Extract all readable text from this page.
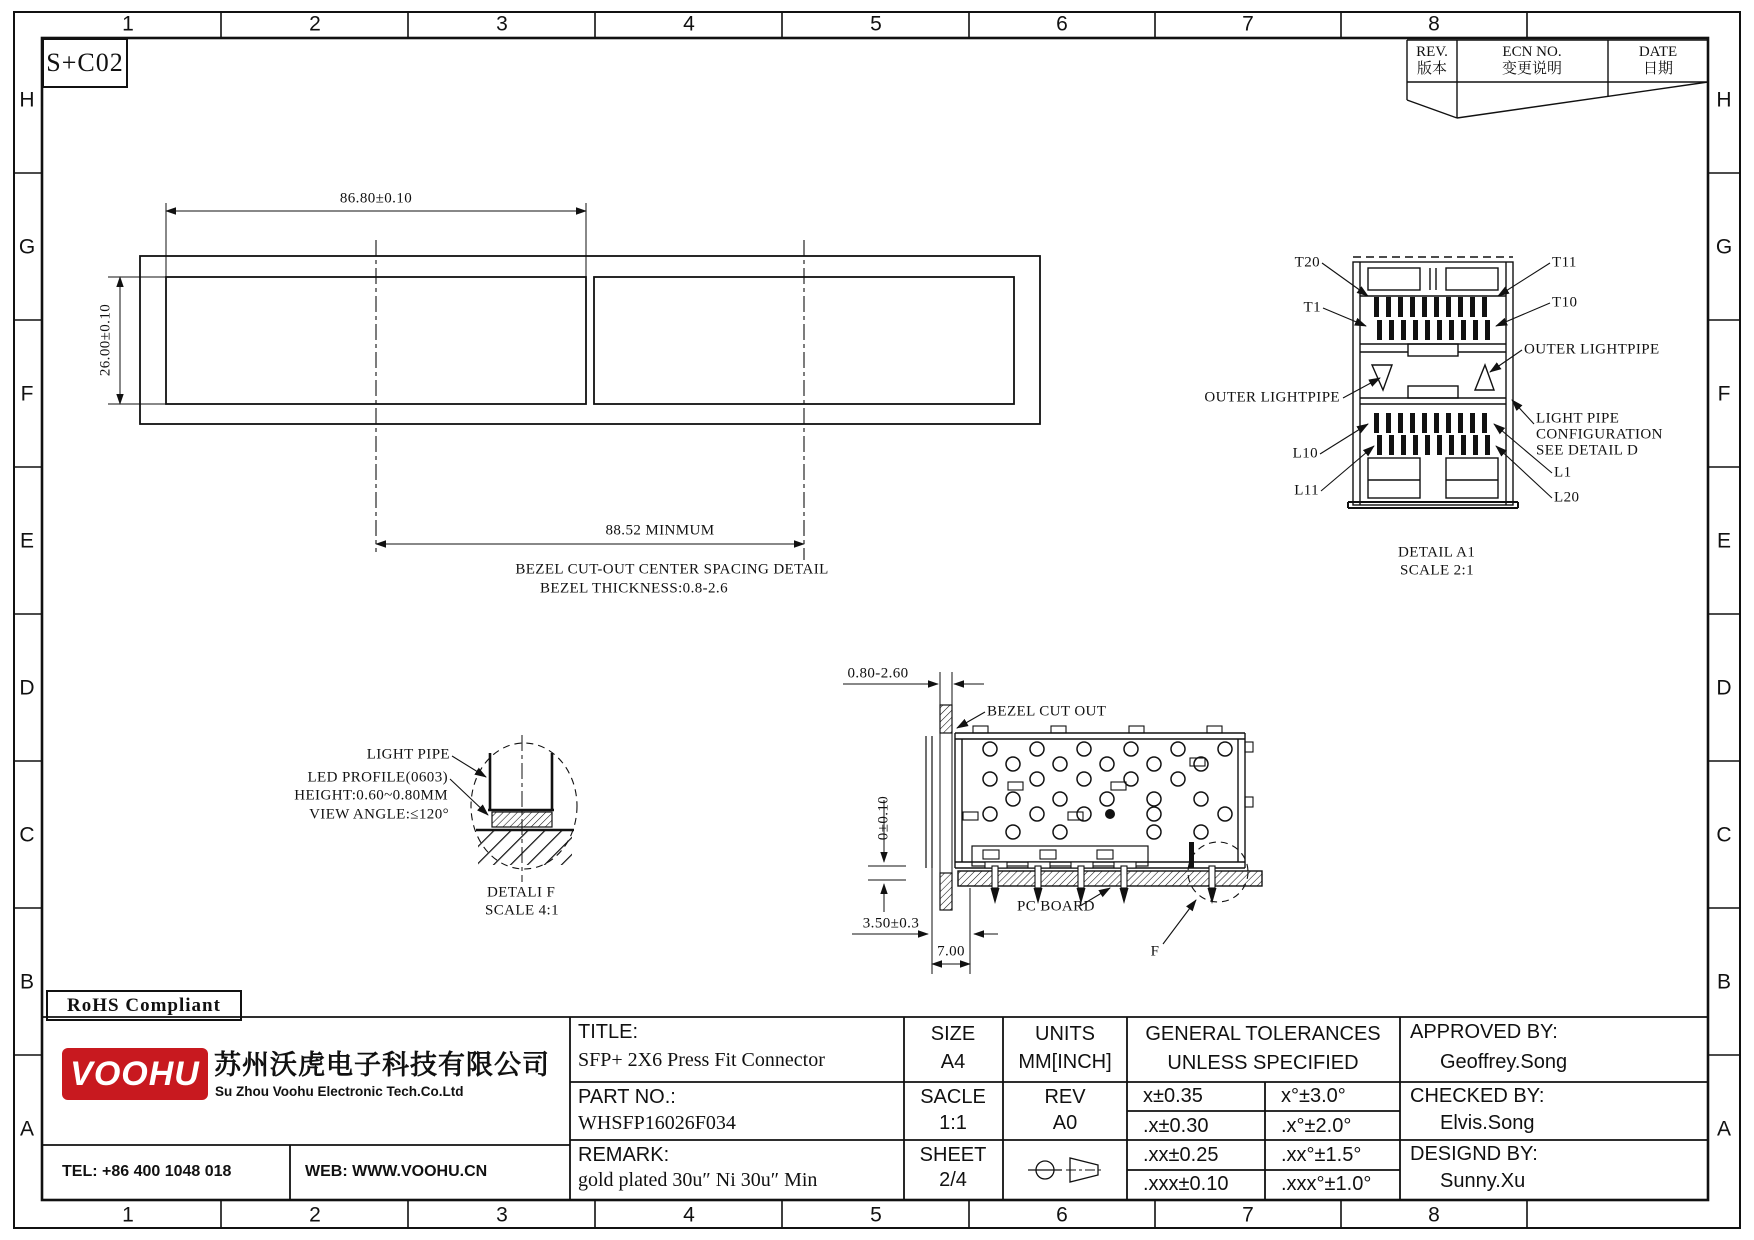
S+C02
1	2	3	4	5	6	7	8
1	2	3	4	5	6	7	8
H
G
F
E
D
C
B
A
H
G
F
E
D
C
B
A
REV.
版本
ECN NO.
变更说明
DATE
日期
86.80±0.10
26.00±0.10
88.52 MINMUM
BEZEL CUT-OUT CENTER SPACING DETAIL
BEZEL THICKNESS:0.8-2.6
T20
T1
T11
T10
OUTER LIGHTPIPE
OUTER LIGHTPIPE
LIGHT PIPE
CONFIGURATION
SEE DETAIL D
L10
L11
L1
L20
DETAIL A1
SCALE 2:1
LIGHT PIPE
LED PROFILE(0603)
HEIGHT:0.60~0.80MM
VIEW ANGLE:≤120°
DETALI F
SCALE 4:1
0.80-2.60
BEZEL CUT OUT
0±0.10
3.50±0.3
7.00
PC BOARD
F
TITLE:
SFP+ 2X6 Press Fit Connector
PART NO.:
WHSFP16026F034
REMARK:
gold plated 30u″ Ni 30u″ Min
SIZE
A4
SACLE
1:1
SHEET
2/4
UNITS
MM[INCH]
REV
A0
GENERAL TOLERANCES
UNLESS SPECIFIED
x±0.35	x°±3.0°
.x±0.30	.x°±2.0°
.xx±0.25	.xx°±1.5°
.xxx±0.10	.xxx°±1.0°
APPROVED BY:
Geoffrey.Song
CHECKED BY:
Elvis.Song
DESIGND BY:
Sunny.Xu
RoHS Compliant
VOOHU 苏州沃虎电子科技有限公司
Su Zhou Voohu Electronic Tech.Co.Ltd
TEL: +86 400 1048 018	WEB: WWW.VOOHU.CN
